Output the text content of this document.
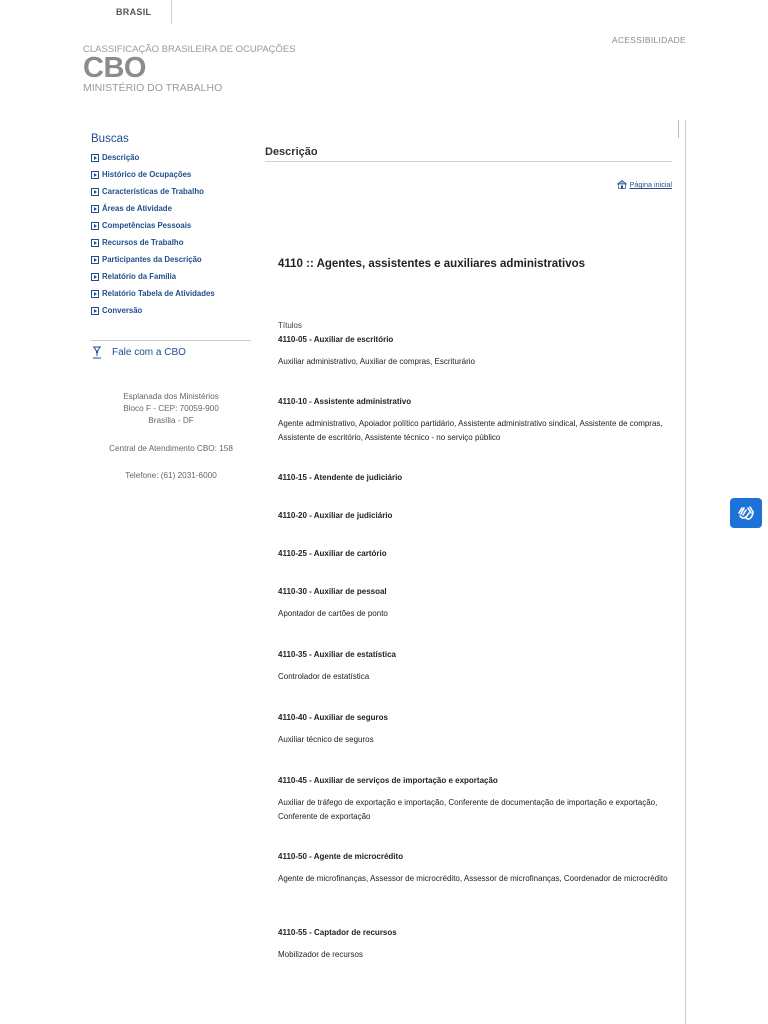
BRASIL
ACESSIBILIDADE
CLASSIFICAÇÃO BRASILEIRA DE OCUPAÇÕES
CBO
MINISTÉRIO DO TRABALHO
Buscas
Descrição
Histórico de Ocupações
Características de Trabalho
Áreas de Atividade
Competências Pessoais
Recursos de Trabalho
Participantes da Descrição
Relatório da Família
Relatório Tabela de Atividades
Conversão
Fale com a CBO

Esplanada dos Ministérios

Bloco F - CEP: 70059-900

Brasília - DF

Central de Atendimento CBO: 158
Telefone: (61) 2031-6000
Descrição
Página inicial
4110 :: Agentes, assistentes e auxiliares administrativos
Títulos
4110-05 - Auxiliar de escritório
Auxiliar administrativo, Auxiliar de compras, Escriturário
4110-10 - Assistente administrativo
Agente administrativo, Apoiador político partidário, Assistente administrativo sindical, Assistente de compras, Assistente de escritório, Assistente técnico - no serviço público
4110-15 - Atendente de judiciário
4110-20 - Auxiliar de judiciário
4110-25 - Auxiliar de cartório
4110-30 - Auxiliar de pessoal
Apontador de cartões de ponto
4110-35 - Auxiliar de estatística
Controlador de estatística
4110-40 - Auxiliar de seguros
Auxiliar técnico de seguros
4110-45 - Auxiliar de serviços de importação e exportação
Auxiliar de tráfego de exportação e importação, Conferente de documentação de importação e exportação, Conferente de exportação
4110-50 - Agente de microcrédito
Agente de microfinanças, Assessor de microcrédito, Assessor de microfinanças, Coordenador de microcrédito
4110-55 - Captador de recursos
Mobilizador de recursos
